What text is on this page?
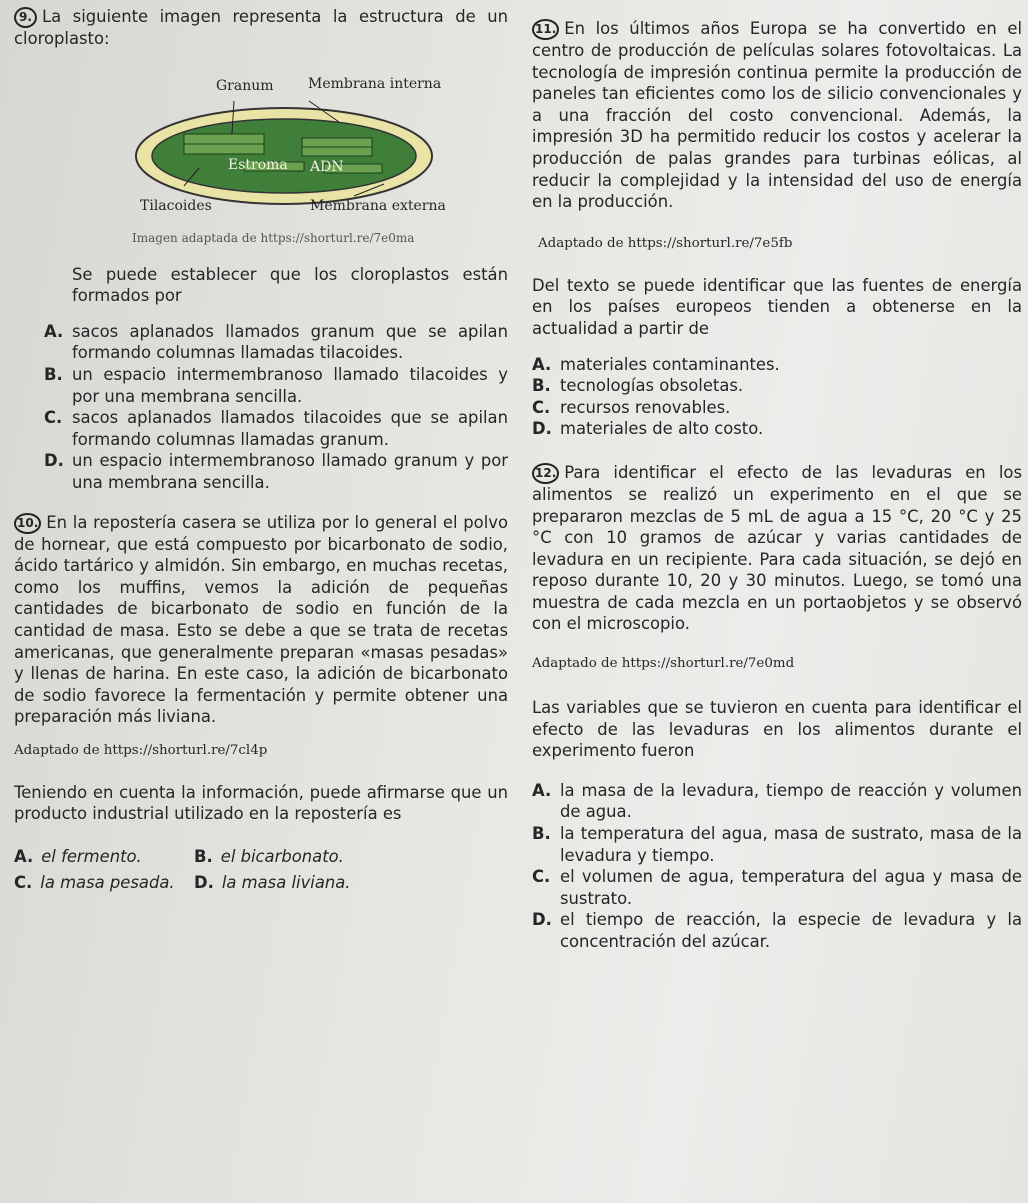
9. La siguiente imagen representa la estructura de un cloroplasto:

Granum Membrana interna
Estroma ADN
Tilacoides	Membrana externa

Imagen adaptada de https://shorturl.re/7e0ma

Se puede establecer que los cloroplastos están formados por

A. sacos aplanados llamados granum que se apilan formando columnas llamadas tilacoides.
B. un espacio intermembranoso llamado tilacoides y por una membrana sencilla.
C. sacos aplanados llamados tilacoides que se apilan formando columnas llamadas granum.
D. un espacio intermembranoso llamado granum y por una membrana sencilla.

10. En la repostería casera se utiliza por lo general el polvo de hornear, que está compuesto por bicarbonato de sodio, ácido tartárico y almidón. Sin embargo, en muchas recetas, como los muffins, vemos la adición de pequeñas cantidades de bicarbonato de sodio en función de la cantidad de masa. Esto se debe a que se trata de recetas americanas, que generalmente preparan «masas pesadas» y llenas de harina. En este caso, la adición de bicarbonato de sodio favorece la fermentación y permite obtener una preparación más liviana.

Adaptado de https://shorturl.re/7cl4p

Teniendo en cuenta la información, puede afirmarse que un producto industrial utilizado en la repostería es

A. el fermento.	B. el bicarbonato.
C. la masa pesada. D. la masa liviana.

11. En los últimos años Europa se ha convertido en el centro de producción de películas solares fotovoltaicas. La tecnología de impresión continua permite la producción de paneles tan eficientes como los de silicio convencionales y a una fracción del costo convencional. Además, la impresión 3D ha permitido reducir los costos y acelerar la producción de palas grandes para turbinas eólicas, al reducir la complejidad y la intensidad del uso de energía en la producción.

Adaptado de https://shorturl.re/7e5fb

Del texto se puede identificar que las fuentes de energía en los países europeos tienden a obtenerse en la actualidad a partir de

A. materiales contaminantes.
B. tecnologías obsoletas.
C. recursos renovables.
D. materiales de alto costo.

12. Para identificar el efecto de las levaduras en los alimentos se realizó un experimento en el que se prepararon mezclas de 5 mL de agua a 15 °C, 20 °C y 25 °C con 10 gramos de azúcar y varias cantidades de levadura en un recipiente. Para cada situación, se dejó en reposo durante 10, 20 y 30 minutos. Luego, se tomó una muestra de cada mezcla en un portaobjetos y se observó con el microscopio.

Adaptado de https://shorturl.re/7e0md

Las variables que se tuvieron en cuenta para identificar el efecto de las levaduras en los alimentos durante el experimento fueron

A. la masa de la levadura, tiempo de reacción y volumen de agua.
B. la temperatura del agua, masa de sustrato, masa de la levadura y tiempo.
C. el volumen de agua, temperatura del agua y masa de sustrato.
D. el tiempo de reacción, la especie de levadura y la concentración del azúcar.
